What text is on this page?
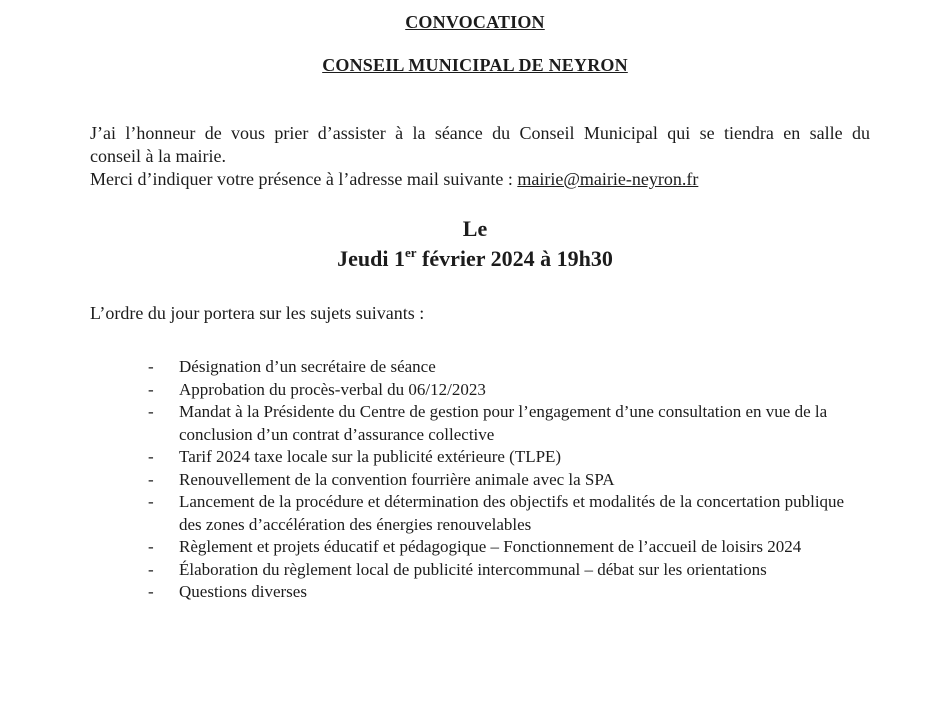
CONVOCATION
CONSEIL MUNICIPAL DE NEYRON

J’ai l’honneur de vous prier d’assister à la séance du Conseil Municipal qui se tiendra en salle du

conseil à la mairie.

Merci d’indiquer votre présence à l’adresse mail suivante : mairie@mairie-neyron.fr

Le
Jeudi 1er février 2024 à 19h30
L’ordre du jour portera sur les sujets suivants :
- Désignation d’un secrétaire de séance
- Approbation du procès-verbal du 06/12/2023
- Mandat à la Présidente du Centre de gestion pour l’engagement d’une consultation en vue de la conclusion d’un contrat d’assurance collective
- Tarif 2024 taxe locale sur la publicité extérieure (TLPE)
- Renouvellement de la convention fourrière animale avec la SPA
- Lancement de la procédure et détermination des objectifs et modalités de la concertation publique des zones d’accélération des énergies renouvelables
- Règlement et projets éducatif et pédagogique – Fonctionnement de l’accueil de loisirs 2024
- Élaboration du règlement local de publicité intercommunal – débat sur les orientations
- Questions diverses
